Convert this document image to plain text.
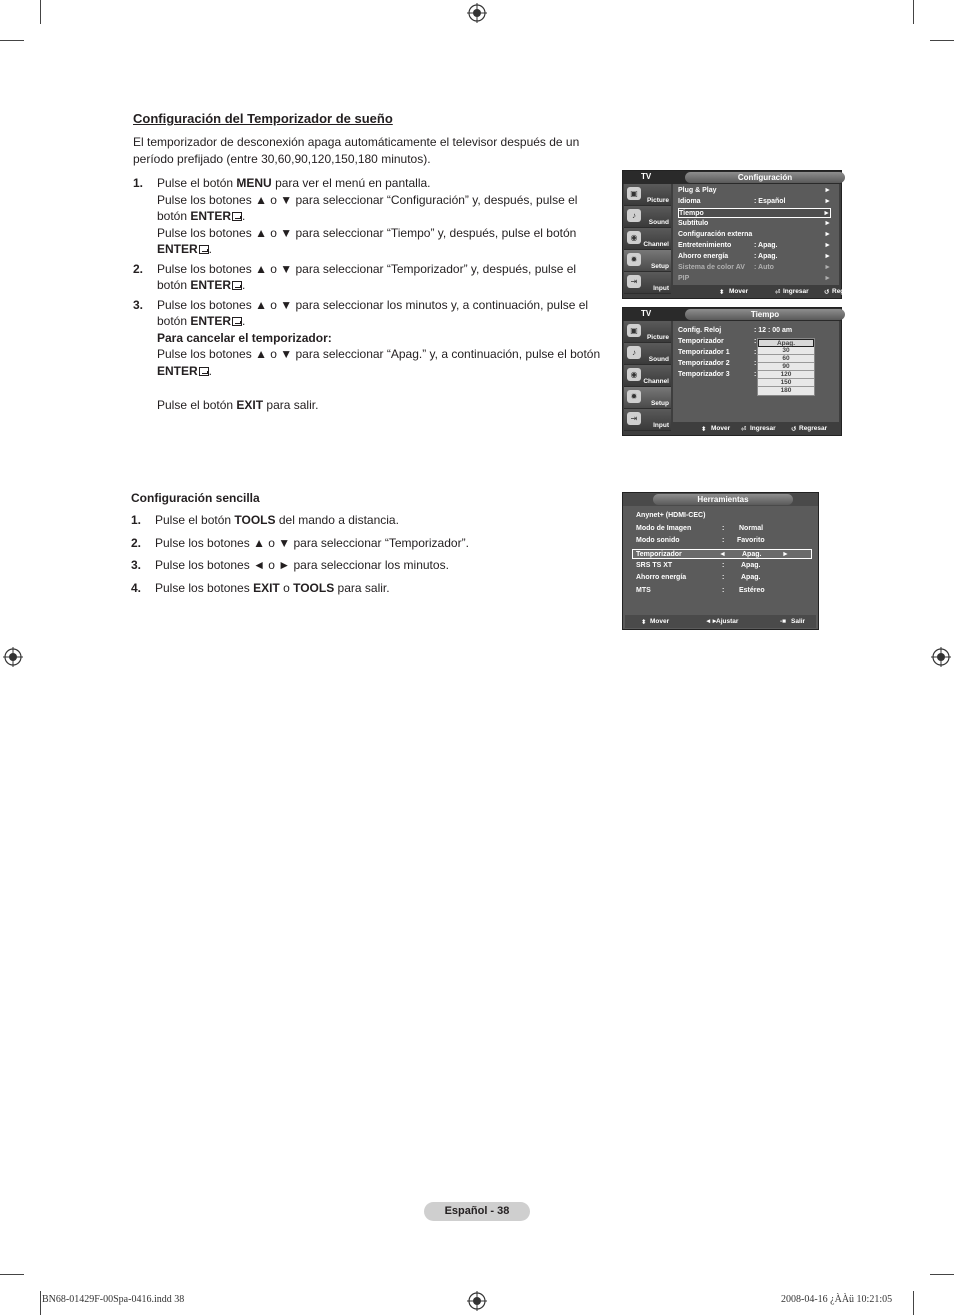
Configuración del Temporizador de sueño
El temporizador de desconexión apaga automáticamente el televisor después de un período prefijado (entre 30,60,90,120,150,180 minutos).
1.	Pulse el botón MENU para ver el menú en pantalla.
Pulse los botones ▲ o ▼ para seleccionar “Configuración” y, después, pulse el botón ENTER .
Pulse los botones ▲ o ▼ para seleccionar “Tiempo” y, después, pulse el botón ENTER .
2.	Pulse los botones ▲ o ▼ para seleccionar “Temporizador” y, después, pulse el botón ENTER .
3.	Pulse los botones ▲ o ▼ para seleccionar los minutos y, a continuación, pulse el botón ENTER .
Para cancelar el temporizador:
Pulse los botones ▲ o ▼ para seleccionar “Apag.” y, a continuación, pulse el botón ENTER .
Pulse el botón EXIT para salir.
Configuración sencilla
1.	Pulse el botón TOOLS del mando a distancia.
2.	Pulse los botones ▲ o ▼ para seleccionar “Temporizador”.
3.	Pulse los botones ◄ o ► para seleccionar los minutos.
4.	Pulse los botones EXIT o TOOLS para salir.
TV	Configuración
▣
Picture
♪
Sound
◉
Channel
✹
Setup
⇥
Input
Plug & Play	►
Idioma	: Español	►
Tiempo	►
Subtítulo	►
Configuración externa	►
Entretenimiento	: Apag.	►
Ahorro energía	: Apag.	►
Sistema de color AV : Auto	►
PIP	►
⬍ Mover	⏎ Ingresar ↺ Regresar
TV	Tiempo
▣
Picture
♪
Sound
◉
Channel
✹
Setup
⇥
Input
Config. Reloj	: 12 : 00 am
Temporizador	:
Temporizador 1	:
Temporizador 2	:
Temporizador 3	:
Apag.
30
60
90
120
150
180
⬍ Mover ⏎ Ingresar ↺ Regresar
Herramientas
Anynet+ (HDMI-CEC)
Modo de Imagen	: Normal
Modo sonido	: Favorito
Temporizador	◄ Apag.	►
SRS TS XT	: Apag.
Ahorro energía	: Apag.
MTS	: Estéreo
⬍ Mover	◄►
Ajustar	-■ Salir
Español - 38
BN68-01429F-00Spa-0416.indd 38	2008-04-16 ¿ÀÀü 10:21:05
